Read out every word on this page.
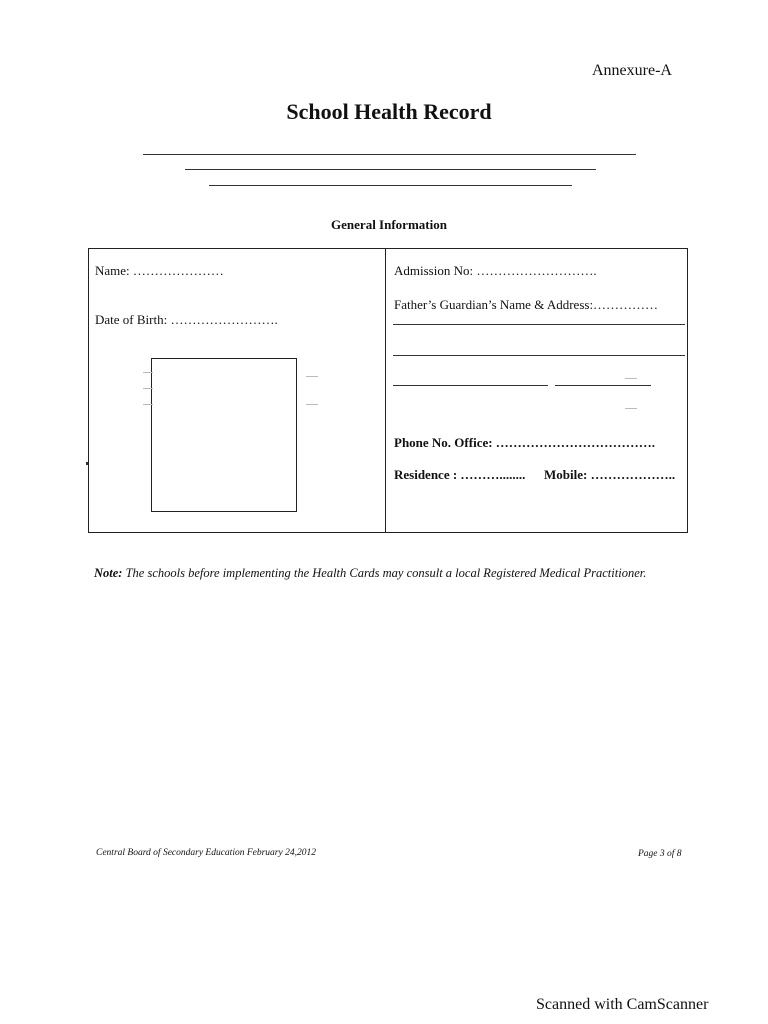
Annexure-A
School Health Record
General Information
Name: …………………
Date of Birth: …………………….
Admission No: ……………………….
Father’s Guardian’s Name & Address:……………
Phone No. Office: ……………………………….
Residence : ………........ Mobile: ………………..
Note: The schools before implementing the Health Cards may consult a local Registered Medical Practitioner.
Central Board of Secondary Education February 24,2012	Page 3 of 8
Scanned with CamScanner
